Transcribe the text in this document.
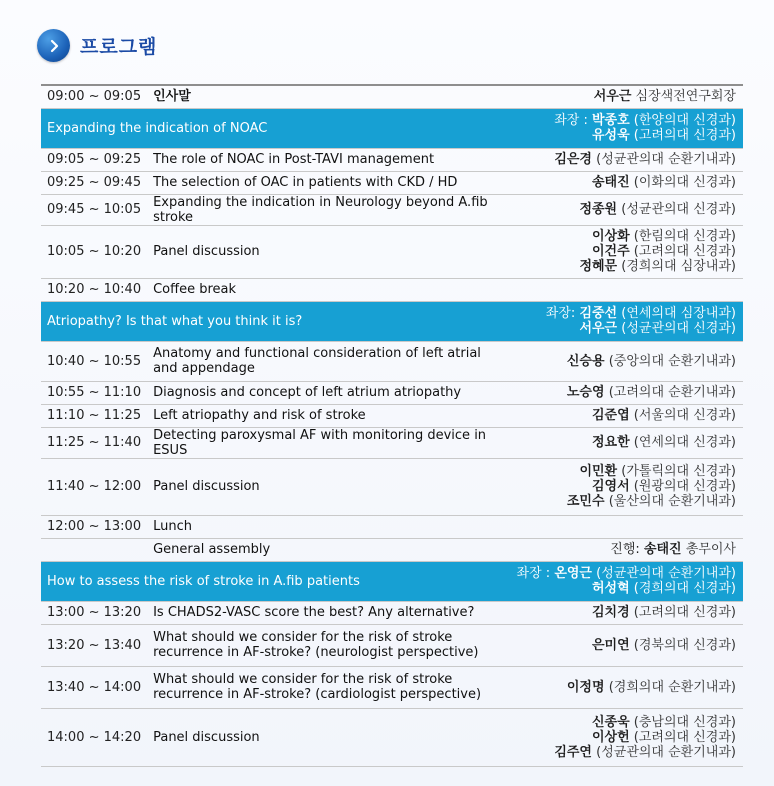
프로그램
09:00 ~ 09:05	인사말	서우근 심장색전연구회장

Expanding the indication of NOAC		좌장 : 박종호 (한양의대 신경과)
유성욱 (고려의대 신경과)

09:05 ~ 09:25	The role of NOAC in Post-TAVI management	김은경 (성균관의대 순환기내과)

09:25 ~ 09:45	The selection of OAC in patients with CKD / HD	송태진 (이화의대 신경과)

09:45 ~ 10:05	Expanding the indication in Neurology beyond A.fib stroke	정종원 (성균관의대 신경과)

10:05 ~ 10:20	Panel discussion	이상화 (한림의대 신경과)
이건주 (고려의대 신경과)
정혜문 (경희의대 심장내과)

10:20 ~ 10:40	Coffee break	
Atriopathy? Is that what you think it is?		좌장: 김중선 (연세의대 심장내과)
서우근 (성균관의대 신경과)

10:40 ~ 10:55	Anatomy and functional consideration of left atrial and appendage	신승용 (중앙의대 순환기내과)

10:55 ~ 11:10	Diagnosis and concept of left atrium atriopathy	노승영 (고려의대 순환기내과)

11:10 ~ 11:25	Left atriopathy and risk of stroke	김준엽 (서울의대 신경과)

11:25 ~ 11:40	Detecting paroxysmal AF with monitoring device in ESUS	정요한 (연세의대 신경과)

11:40 ~ 12:00	Panel discussion	이민환 (가톨릭의대 신경과)
김영서 (원광의대 신경과)
조민수 (울산의대 순환기내과)

12:00 ~ 13:00	Lunch	
	General assembly	진행: 송태진 총무이사

How to assess the risk of stroke in A.fib patients		좌장 : 온영근 (성균관의대 순환기내과)
허성혁 (경희의대 신경과)

13:00 ~ 13:20	Is CHADS2-VASC score the best? Any alternative?	김치경 (고려의대 신경과)

13:20 ~ 13:40	What should we consider for the risk of stroke recurrence in AF-stroke? (neurologist perspective)	은미연 (경북의대 신경과)

13:40 ~ 14:00	What should we consider for the risk of stroke recurrence in AF-stroke? (cardiologist perspective)	이정명 (경희의대 순환기내과)

14:00 ~ 14:20	Panel discussion	신종욱 (충남의대 신경과)
이상헌 (고려의대 신경과)
김주연 (성균관의대 순환기내과)
